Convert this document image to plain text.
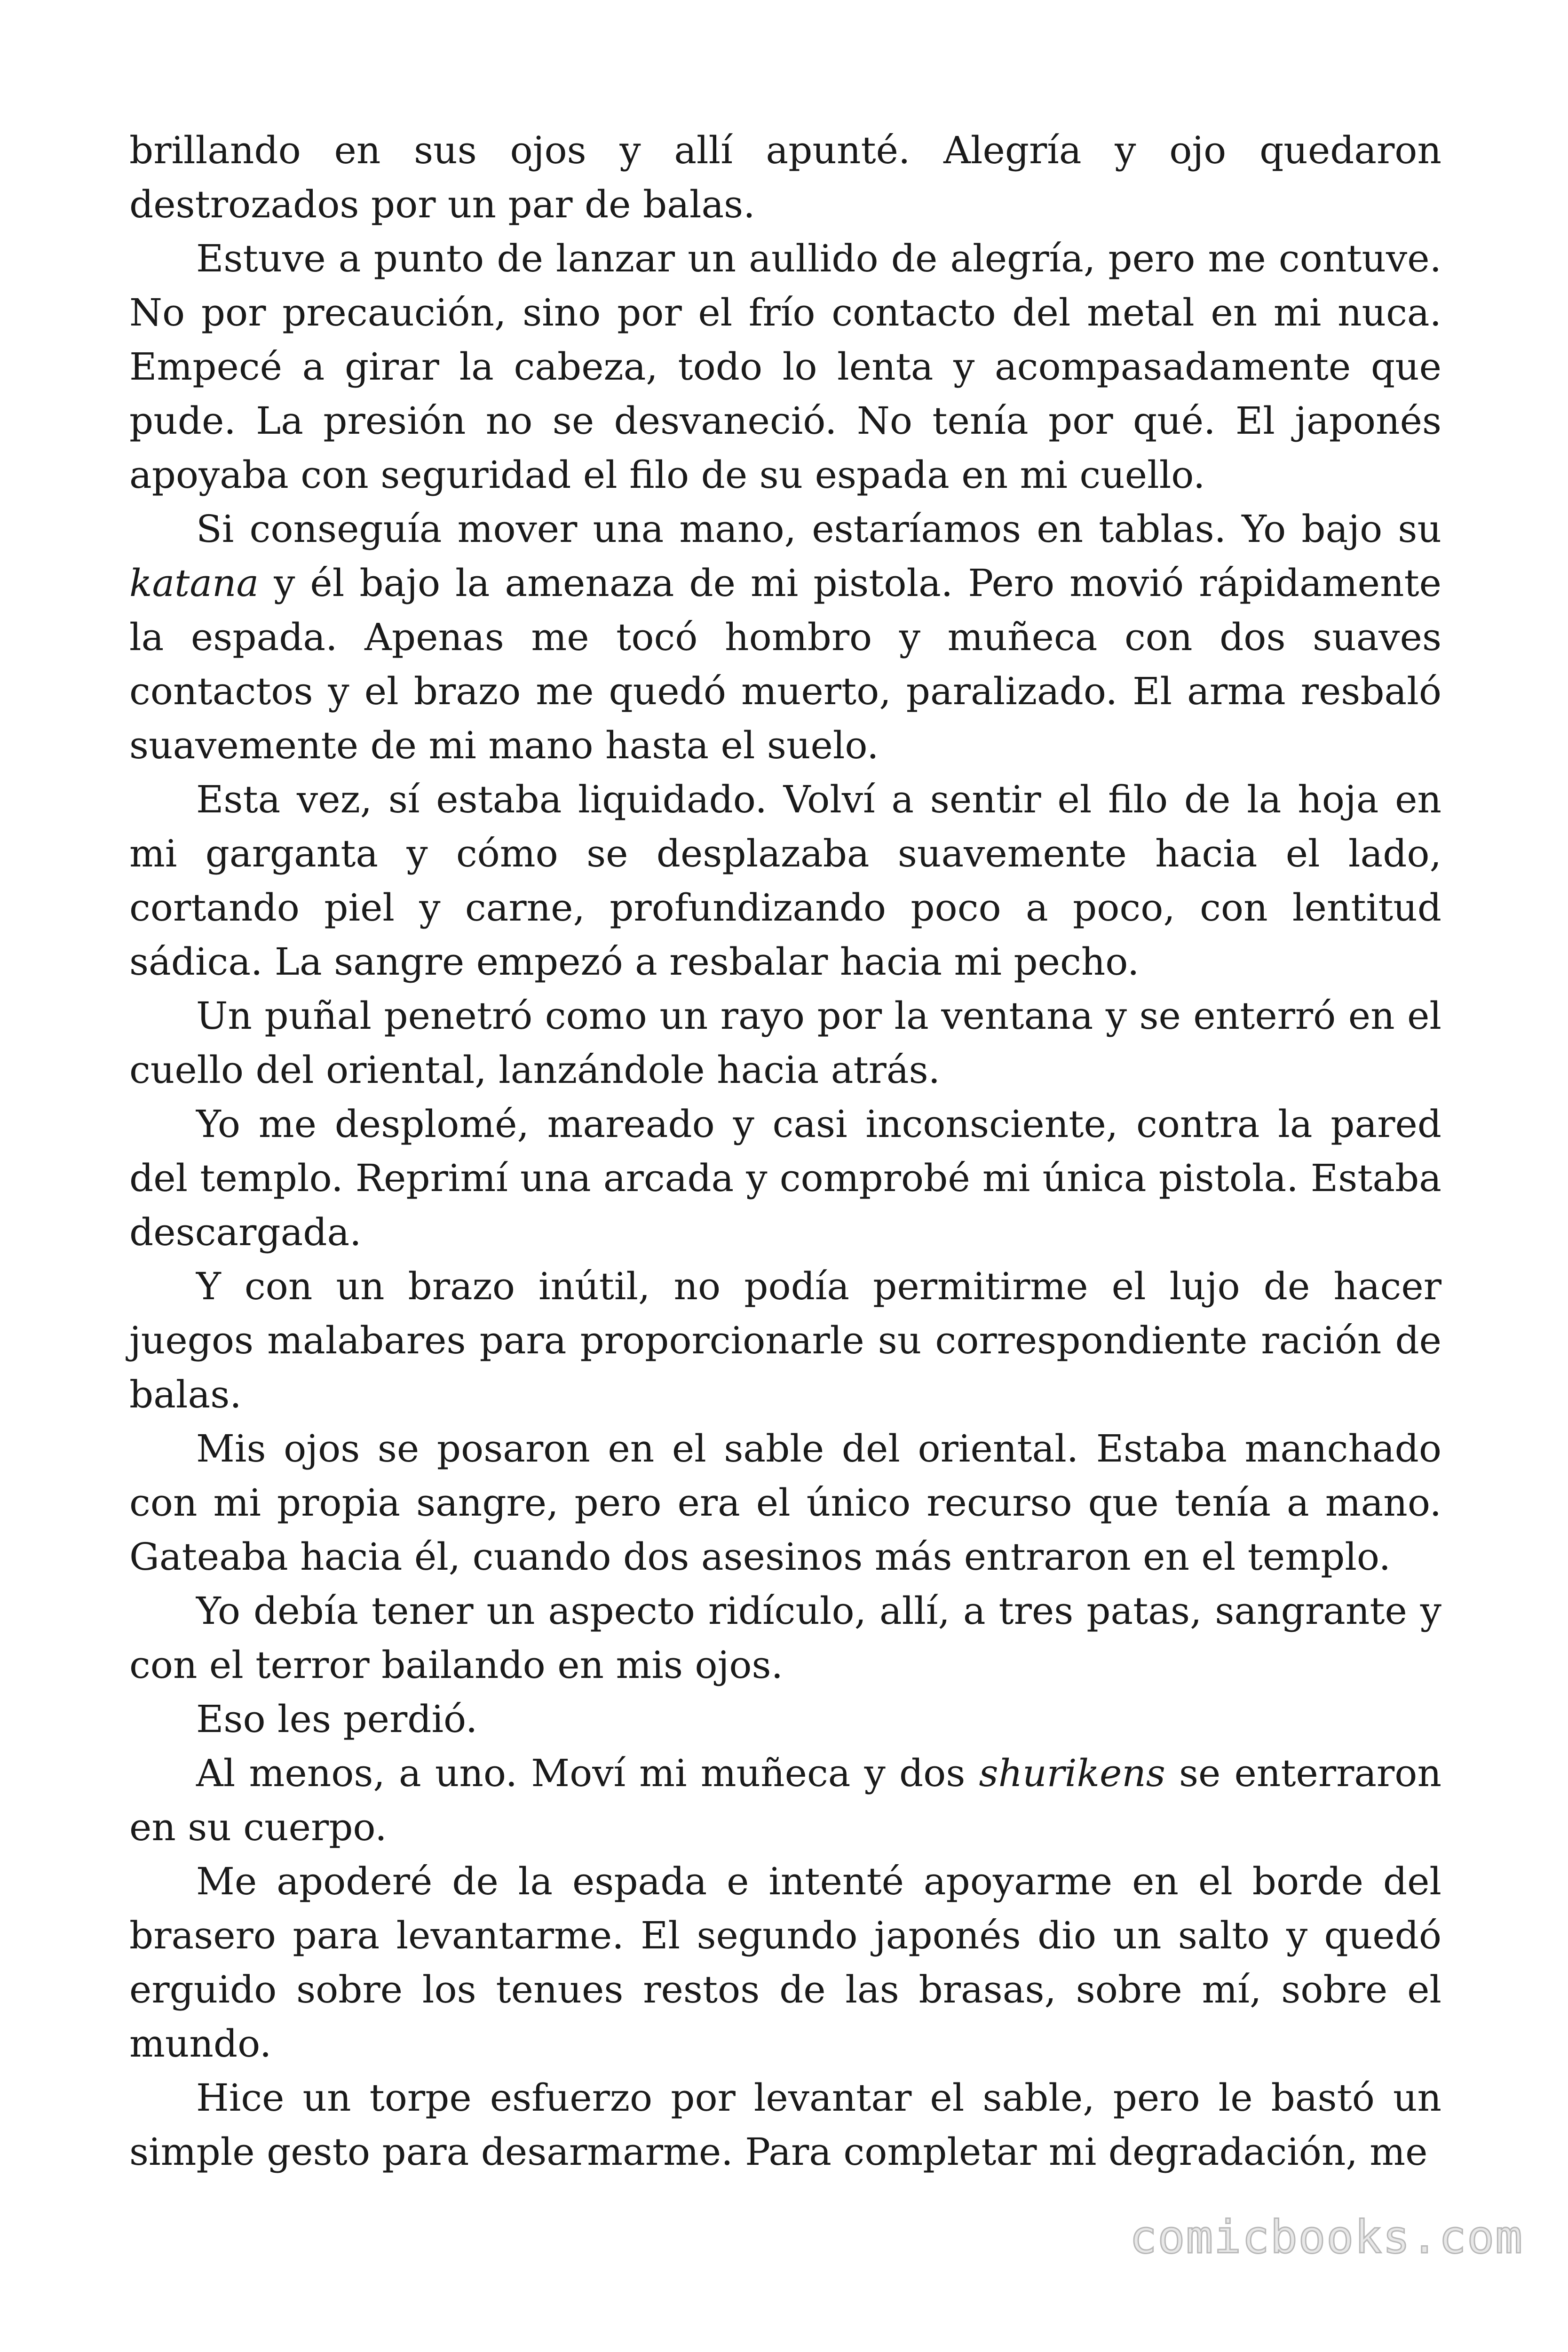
brillando en sus ojos y allí apunté. Alegría y ojo quedaron destrozados por un par de balas.

Estuve a punto de lanzar un aullido de alegría, pero me contuve. No por precaución, sino por el frío contacto del metal en mi nuca. Empecé a girar la cabeza, todo lo lenta y acompasadamente que pude. La presión no se desvaneció. No tenía por qué. El japonés apoyaba con seguridad el filo de su espada en mi cuello.

Si conseguía mover una mano, estaríamos en tablas. Yo bajo su katana y él bajo la amenaza de mi pistola. Pero movió rápidamente la espada. Apenas me tocó hombro y muñeca con dos suaves contactos y el brazo me quedó muerto, paralizado. El arma resbaló suavemente de mi mano hasta el suelo.

Esta vez, sí estaba liquidado. Volví a sentir el filo de la hoja en mi garganta y cómo se desplazaba suavemente hacia el lado, cortando piel y carne, profundizando poco a poco, con lentitud sádica. La sangre empezó a resbalar hacia mi pecho.

Un puñal penetró como un rayo por la ventana y se enterró en el cuello del oriental, lanzándole hacia atrás.

Yo me desplomé, mareado y casi inconsciente, contra la pared del templo. Reprimí una arcada y comprobé mi única pistola. Estaba descargada.

Y con un brazo inútil, no podía permitirme el lujo de hacer juegos malabares para proporcionarle su correspondiente ración de balas.

Mis ojos se posaron en el sable del oriental. Estaba manchado con mi propia sangre, pero era el único recurso que tenía a mano. Gateaba hacia él, cuando dos asesinos más entraron en el templo.

Yo debía tener un aspecto ridículo, allí, a tres patas, sangrante y con el terror bailando en mis ojos.

Eso les perdió.

Al menos, a uno. Moví mi muñeca y dos shurikens se enterraron en su cuerpo.

Me apoderé de la espada e intenté apoyarme en el borde del brasero para levantarme. El segundo japonés dio un salto y quedó erguido sobre los tenues restos de las brasas, sobre mí, sobre el mundo.

Hice un torpe esfuerzo por levantar el sable, pero le bastó un simple gesto para desarmarme. Para completar mi degradación, me

comicbooks.com
